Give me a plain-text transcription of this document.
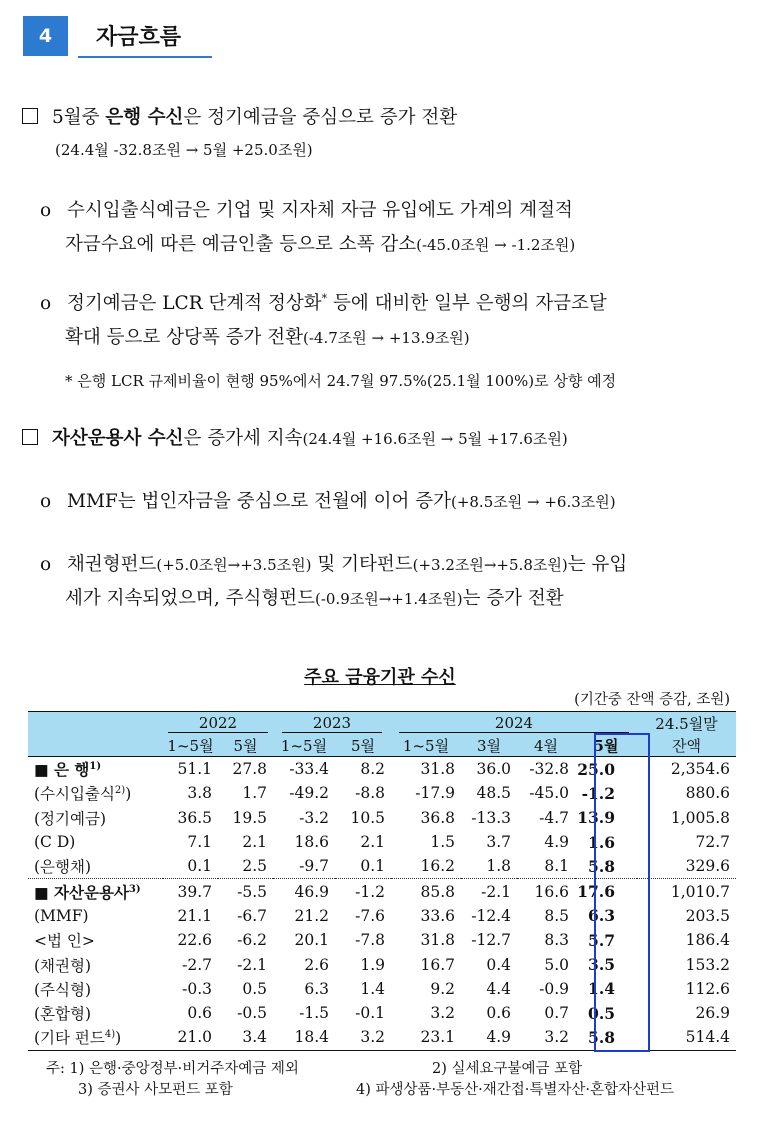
4	자금흐름
5월중 은행 수신은 정기예금을 중심으로 증가 전환
(24.4월 -32.8조원 → 5월 +25.0조원)
o 수시입출식예금은 기업 및 지자체 자금 유입에도 가계의 계절적
자금수요에 따른 예금인출 등으로 소폭 감소(-45.0조원 → -1.2조원)
o 정기예금은 LCR 단계적 정상화* 등에 대비한 일부 은행의 자금조달
확대 등으로 상당폭 증가 전환(-4.7조원 → +13.9조원)
* 은행 LCR 규제비율이 현행 95%에서 24.7월 97.5%(25.1월 100%)로 상향 예정
자산운용사 수신은 증가세 지속(24.4월 +16.6조원 → 5월 +17.6조원)
o MMF는 법인자금을 중심으로 전월에 이어 증가(+8.5조원 → +6.3조원)
o 채권형펀드(+5.0조원→+3.5조원) 및 기타펀드(+3.2조원→+5.8조원)는 유입
세가 지속되었으며, 주식형펀드(-0.9조원→+1.4조원)는 증가 전환
주요 금융기관 수신
(기간중 잔액 증감, 조원)
	2022		2023		2024				24.5월말
	1~5월	5월	1~5월	5월	1~5월	3월	4월	5월	잔액
■ 은 행$^{1)}$	51.1	27.8	-33.4	8.2	31.8	36.0	-32.8	25.0	2,354.6
(수시입출식$^{2)}$)	3.8	1.7	-49.2	-8.8	-17.9	48.5	-45.0	-1.2	880.6
(정기예금)	36.5	19.5	-3.2	10.5	36.8	-13.3	-4.7	13.9	1,005.8
(C D)	7.1	2.1	18.6	2.1	1.5	3.7	4.9	1.6	72.7
(은행채)	0.1	2.5	-9.7	0.1	16.2	1.8	8.1	5.8	329.6
■ 자산운용사$^{3)}$	39.7	-5.5	46.9	-1.2	85.8	-2.1	16.6	17.6	1,010.7
(MMF)	21.1	-6.7	21.2	-7.6	33.6	-12.4	8.5	6.3	203.5
<법 인>	22.6	-6.2	20.1	-7.8	31.8	-12.7	8.3	5.7	186.4
(채권형)	-2.7	-2.1	2.6	1.9	16.7	0.4	5.0	3.5	153.2
(주식형)	-0.3	0.5	6.3	1.4	9.2	4.4	-0.9	1.4	112.6
(혼합형)	0.6	-0.5	-1.5	-0.1	3.2	0.6	0.7	0.5	26.9
(기타 펀드$^{4)}$)	21.0	3.4	18.4	3.2	23.1	4.9	3.2	5.8	514.4
주: 1) 은행·중앙정부·비거주자예금 제외	2) 실세요구불예금 포함
3) 증권사 사모펀드 포함	4) 파생상품·부동산·재간접·특별자산·혼합자산펀드
